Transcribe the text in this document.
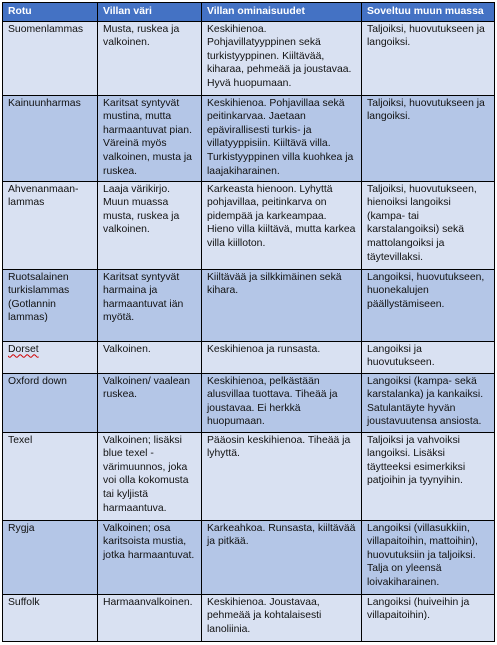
Rotu	Villan väri	Villan ominaisuudet	Soveltuu muun muassa
Suomenlammas	Musta, ruskea ja valkoinen.	Keskihienoa. Pohjavillatyyppinen sekä turkistyyppinen. Kiiltävää, kiharaa, pehmeää ja joustavaa. Hyvä huopumaan.	Taljoiksi, huovutukseen ja langoiksi.
Kainuunharmas	Karitsat syntyvät mustina, mutta harmaantuvat pian. Väreinä myös valkoinen, musta ja ruskea.	Keskihienoa. Pohjavillaa sekä peitinkarvaa. Jaetaan epävirallisesti turkis- ja villatyyppisiin. Kiiltävä villa. Turkistyyppinen villa kuohkea ja laajakiharainen.	Taljoiksi, huovutukseen ja langoiksi.
Ahvenanmaan-lammas	Laaja värikirjo. Muun muassa musta, ruskea ja valkoinen.	Karkeasta hienoon. Lyhyttä pohjavillaa, peitinkarva on pidempää ja karkeampaa. Hieno villa kiiltävä, mutta karkea villa kiilloton.	Taljoiksi, huovutukseen, hienoiksi langoiksi (kampa- tai karstalangoiksi) sekä mattolangoiksi ja täytevillaksi.
Ruotsalainen turkislammas (Gotlannin lammas)	Karitsat syntyvät harmaina ja harmaantuvat iän myötä.	Kiiltävää ja silkkimäinen sekä kihara.	Langoiksi, huovutukseen, huonekalujen päällystämiseen.
Dorset	Valkoinen.	Keskihienoa ja runsasta.	Langoiksi ja huovutukseen.
Oxford down	Valkoinen/ vaalean ruskea.	Keskihienoa, pelkästään alusvillaa tuottava. Tiheää ja joustavaa. Ei herkkä huopumaan.	Langoiksi (kampa- sekä karstalanka) ja kankaiksi. Satulantäyte hyvän joustavuutensa ansiosta.
Texel	Valkoinen; lisäksi blue texel -värimuunnos, joka voi olla kokomusta tai kyljistä harmaantuva.	Pääosin keskihienoa. Tiheää ja lyhyttä.	Taljoiksi ja vahvoiksi langoiksi. Lisäksi täytteeksi esimerkiksi patjoihin ja tyynyihin.
Rygja	Valkoinen; osa karitsoista mustia, jotka harmaantuvat.	Karkeahkoa. Runsasta, kiiltävää ja pitkää.	Langoiksi (villasukkiin, villapaitoihin, mattoihin), huovutuksiin ja taljoiksi. Talja on yleensä loivakiharainen.
Suffolk	Harmaanvalkoinen.	Keskihienoa. Joustavaa, pehmeää ja kohtalaisesti lanoliinia.	Langoiksi (huiveihin ja villapaitoihin).
